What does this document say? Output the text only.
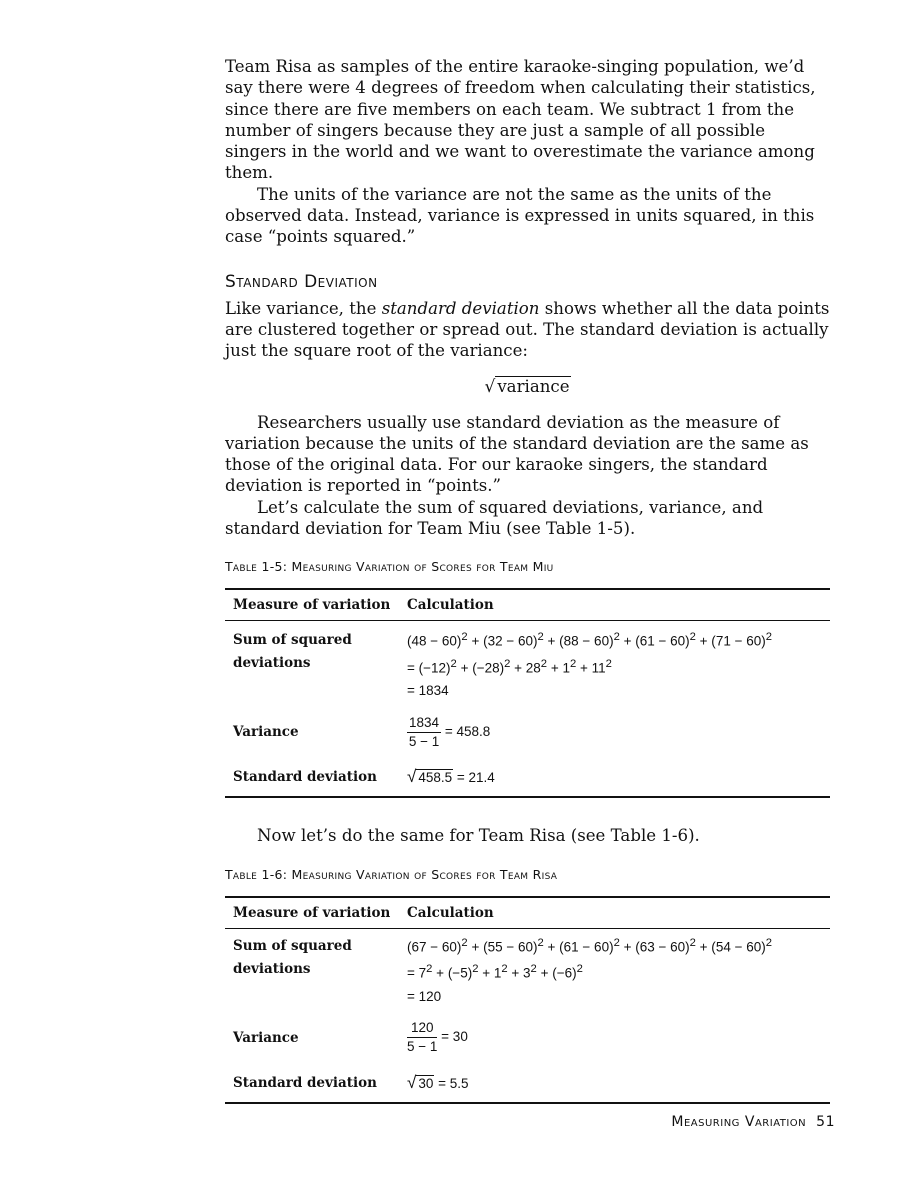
Team Risa as samples of the entire karaoke-singing population, we’d say there were 4 degrees of freedom when calculating their statistics, since there are five members on each team. We subtract 1 from the number of singers because they are just a sample of all possible singers in the world and we want to overestimate the variance among them.

The units of the variance are not the same as the units of the observed data. Instead, variance is expressed in units squared, in this case “points squared.”

Standard Deviation

Like variance, the standard deviation shows whether all the data points are clustered together or spread out. The standard deviation is actually just the square root of the variance:

√ variance

Researchers usually use standard deviation as the measure of variation because the units of the standard deviation are the same as those of the original data. For our karaoke singers, the standard deviation is reported in “points.”

Let’s calculate the sum of squared deviations, variance, and standard deviation for Team Miu (see Table 1-5).

Table 1-5: Measuring Variation of Scores for Team Miu
Measure of variation	Calculation
Sum of squared deviations	$(48 - 60)^2 + (32 - 60)^2 + (88 - 60)^2 + (61 - 60)^2 + (71 - 60)^2$
= $(-12)^2 + (-28)^2 + 28^2 + 1^2 + 11^2$
= 1834

Variance	$\frac{1834}{5 - 1} = 458.8$
Standard deviation	√ 458.5 = 21.4

Now let’s do the same for Team Risa (see Table 1-6).

Table 1-6: Measuring Variation of Scores for Team Risa
Measure of variation	Calculation
Sum of squared deviations	$(67 - 60)^2 + (55 - 60)^2 + (61 - 60)^2 + (63 - 60)^2 + (54 - 60)^2$
= $7^2 + (-5)^2 + 1^2 + 3^2 + (-6)^2$
= 120

Variance	$\frac{120}{5 - 1} = 30$
Standard deviation	√ 30 = 5.5
Measuring Variation 51
